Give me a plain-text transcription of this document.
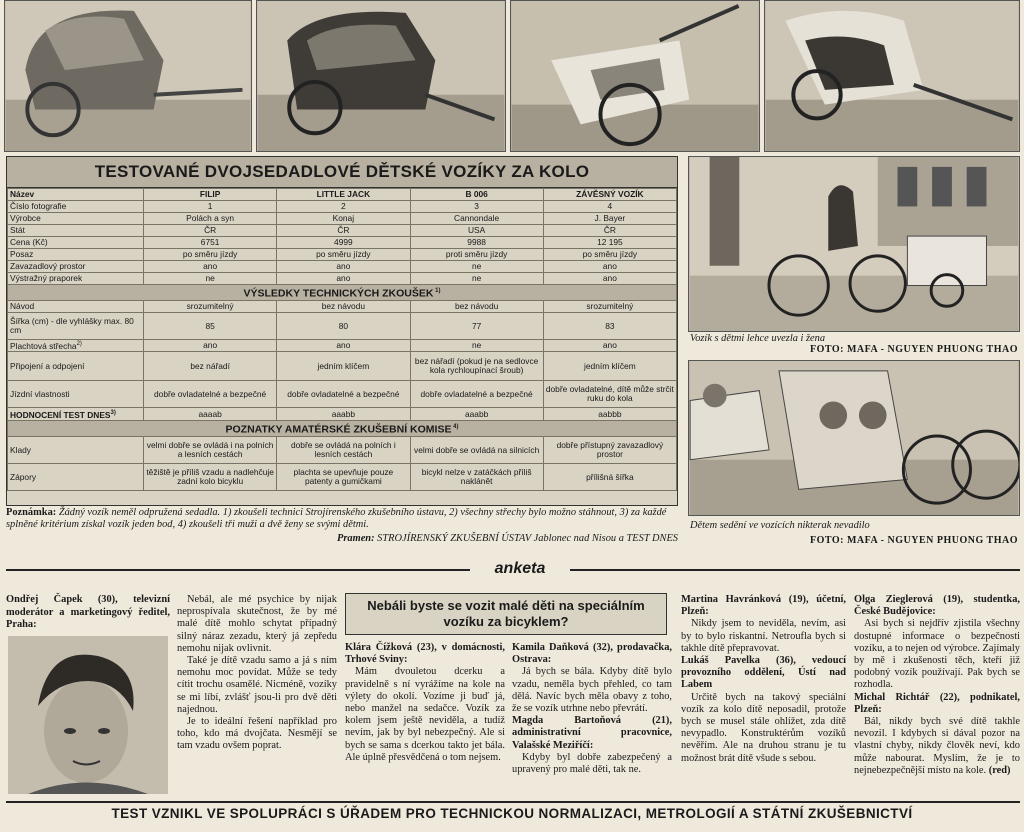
TESTOVANÉ DVOJSEDADLOVÉ DĚTSKÉ VOZÍKY ZA KOLO
Název	FILIP	LITTLE JACK	B 006	ZÁVĚSNÝ VOZÍK
Číslo fotografie	1	2	3	4
Výrobce	Polách a syn	Konaj	Cannondale	J. Bayer
Stát	ČR	ČR	USA	ČR
Cena (Kč)	6751	4999	9988	12 195
Posaz	po směru jízdy	po směru jízdy	proti směru jízdy	po směru jízdy
Zavazadlový prostor	ano	ano	ne	ano
Výstražný praporek	ne	ano	ne	ano
VÝSLEDKY TECHNICKÝCH ZKOUŠEK $^{1)}$
Návod	srozumitelný	bez návodu	bez návodu	srozumitelný
Šířka (cm) - dle vyhlášky max. 80 cm	85	80	77	83
Plachtová střecha$^{2)}$	ano	ano	ne	ano
Připojení a odpojení	bez nářadí	jedním klíčem	bez nářadí (pokud je na sedlovce kola rychloupínací šroub)	jedním klíčem
Jízdní vlastnosti	dobře ovladatelné a bezpečné	dobře ovladatelné a bezpečné	dobře ovladatelné a bezpečné	dobře ovladatelné, dítě může strčit ruku do kola
HODNOCENÍ TEST DNES$^{3)}$	aaaab	aaabb	aaabb	aabbb
POZNATKY AMATÉRSKÉ ZKUŠEBNÍ KOMISE $^{4)}$
Klady	velmi dobře se ovládá i na polních a lesních cestách	dobře se ovládá na polních i lesních cestách	velmi dobře se ovládá na silnicích	dobře přístupný zavazadlový prostor
Zápory	těžiště je příliš vzadu a nadlehčuje zadní kolo bicyklu	plachta se upevňuje pouze patenty a gumičkami	bicykl nelze v zatáčkách příliš naklánět	přílišná šířka
Poznámka: Žádný vozík neměl odpružená sedadla. 1) zkoušeli technici Strojírenského zkušebního ústavu, 2) všechny střechy bylo možno stáhnout, 3) za každé splněné kritérium získal vozík jeden bod, 4) zkoušeli tři muži a dvě ženy se svými dětmi.
Pramen: STROJÍRENSKÝ ZKUŠEBNÍ ÚSTAV Jablonec nad Nisou a TEST DNES
Vozík s dětmi lehce uvezla i žena
FOTO: MAFA - NGUYEN PHUONG THAO
Dětem sedění ve vozících nikterak nevadilo
FOTO: MAFA - NGUYEN PHUONG THAO
anketa

Ondřej Čapek (30), televizní moderátor a marketingový ředitel, Praha:

Nebál, ale mé psychice by nijak neprospívala skutečnost, že by mé malé dítě mohlo schytat případný silný náraz zezadu, který já zepředu nemohu nijak ovlivnit.

Také je dítě vzadu samo a já s ním nemohu moc povídat. Může se tedy cítit trochu osamělé. Nicméně, vozíky se mi líbí, zvlášť jsou-li pro dvě děti najednou.

Je to ideální řešení například pro toho, kdo má dvojčata. Nesmějí se tam vzadu ovšem poprat.

Nebáli byste se vozit malé děti na speciálním vozíku za bicyklem?

Klára Čížková (23), v domácnosti, Trhové Sviny:

Mám dvouletou dcerku a pravidelně s ní vyrážíme na kole na výlety do okolí. Vozíme ji buď já, nebo manžel na sedačce. Vozík za kolem jsem ještě neviděla, a tudíž nevím, jak by byl nebezpečný. Ale si bych se sama s dcerkou takto jet bála. Ale úplně přesvědčená o tom nejsem.

Kamila Daňková (32), prodavačka, Ostrava:

Já bych se bála. Kdyby dítě bylo vzadu, neměla bych přehled, co tam dělá. Navíc bych měla obavy z toho, že se vozík utrhne nebo převrátí.

Magda Bartoňová (21), administrativní pracovnice, Valašské Meziříčí:

Kdyby byl dobře zabezpečený a upravený pro malé děti, tak ne.

Martina Havránková (19), účetní, Plzeň:

Nikdy jsem to neviděla, nevím, asi by to bylo riskantní. Netroufla bych si takhle dítě přepravovat.

Lukáš Pavelka (36), vedoucí provozního oddělení, Ústí nad Labem

Určitě bych na takový speciální vozík za kolo dítě neposadil, protože bych se musel stále ohlížet, zda dítě nevypadlo. Konstruktérům vozíků nevěřím. Ale na druhou stranu je tu možnost brát dítě všude s sebou.

Olga Zieglerová (19), studentka, České Budějovice:

Asi bych si nejdřív zjistila všechny dostupné informace o bezpečnosti vozíku, a to nejen od výrobce. Zajímaly by mě i zkušenosti těch, kteří již podobný vozík používají. Pak bych se rozhodla.

Michal Richtář (22), podnikatel, Plzeň:

Bál, nikdy bych své dítě takhle nevozil. I kdybych si dával pozor na vlastní chyby, nikdy člověk neví, kdo může nabourat. Myslím, že je to nejnebezpečnější místo na kole. (red)

TEST VZNIKL VE SPOLUPRÁCI S ÚŘADEM PRO TECHNICKOU NORMALIZACI, METROLOGIÍ A STÁTNÍ ZKUŠEBNICTVÍ
